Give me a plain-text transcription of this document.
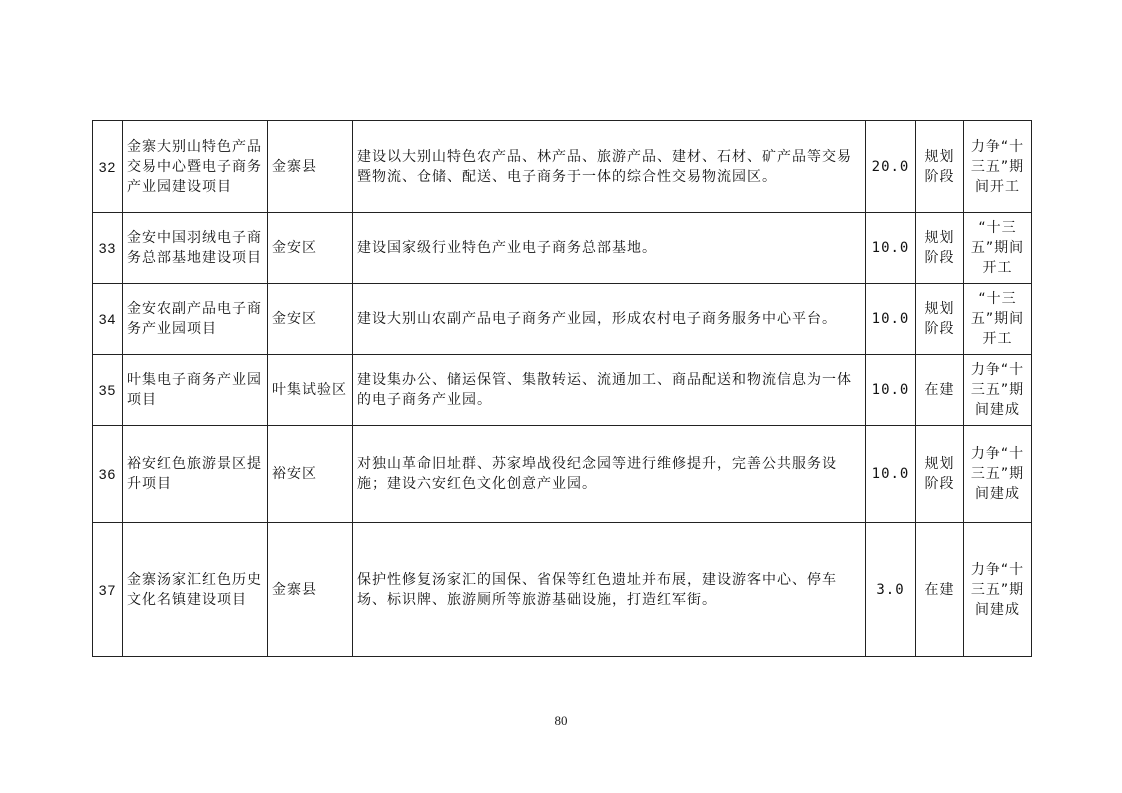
32	金寨大别山特色产品交易中心暨电子商务产业园建设项目	金寨县	建设以大别山特色农产品、林产品、旅游产品、建材、石材、矿产品等交易暨物流、仓储、配送、电子商务于一体的综合性交易物流园区。	20.0	规划阶段	力争“十三五”期间开工
33	金安中国羽绒电子商务总部基地建设项目	金安区	建设国家级行业特色产业电子商务总部基地。	10.0	规划阶段	“十三五”期间开工
34	金安农副产品电子商务产业园项目	金安区	建设大别山农副产品电子商务产业园，形成农村电子商务服务中心平台。	10.0	规划阶段	“十三五”期间开工
35	叶集电子商务产业园项目	叶集试验区	建设集办公、储运保管、集散转运、流通加工、商品配送和物流信息为一体的电子商务产业园。	10.0	在建	力争“十三五”期间建成
36	裕安红色旅游景区提升项目	裕安区	对独山革命旧址群、苏家埠战役纪念园等进行维修提升，完善公共服务设施；建设六安红色文化创意产业园。	10.0	规划阶段	力争“十三五”期间建成
37	金寨汤家汇红色历史文化名镇建设项目	金寨县	保护性修复汤家汇的国保、省保等红色遗址并布展，建设游客中心、停车场、标识牌、旅游厕所等旅游基础设施，打造红军街。	3.0	在建	力争“十三五”期间建成
80
